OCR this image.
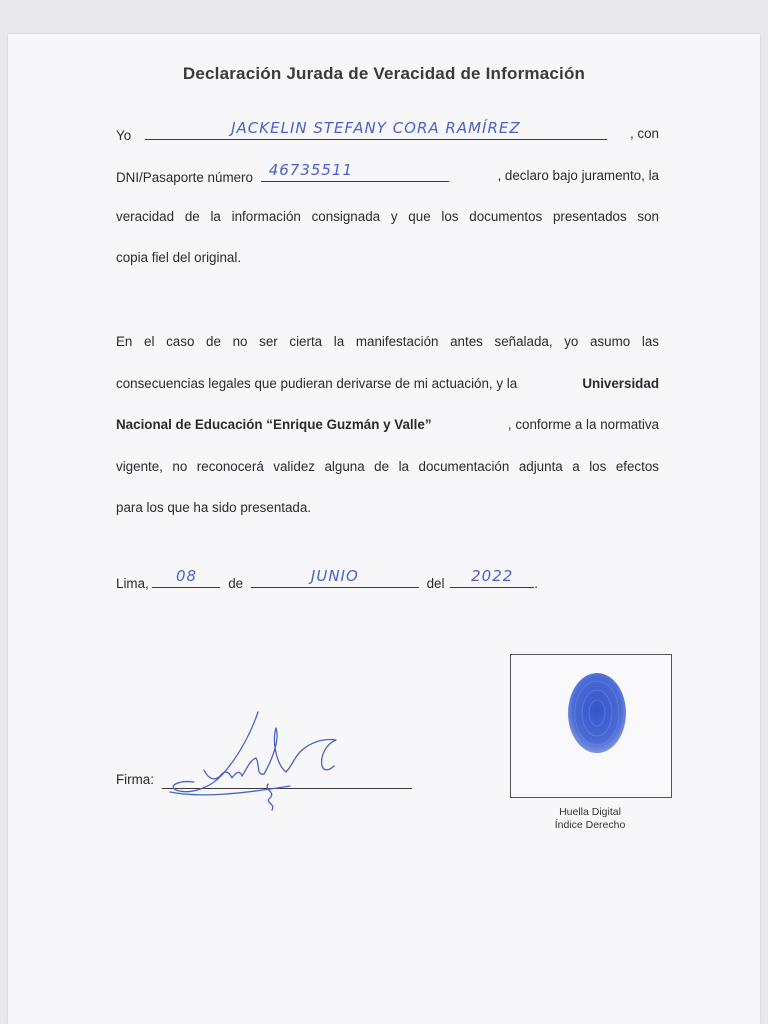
Declaración Jurada de Veracidad de Información
Yo	JACKELIN STEFANY CORA RAMÍREZ	, con
DNI/Pasaporte número	46735511	, declaro bajo juramento, la
veracidad de la información consignada y que los documentos presentados son
copia fiel del original.
En el caso de no ser cierta la manifestación antes señalada, yo asumo las
consecuencias legales que pudieran derivarse de mi actuación, y la	Universidad
Nacional de Educación “Enrique Guzmán y Valle”	, conforme a la normativa
vigente, no reconocerá validez alguna de la documentación adjunta a los efectos
para los que ha sido presentada.
Lima,	08	de	JUNIO	del	2022	.
Huella Digital
Índice Derecho
Firma:
